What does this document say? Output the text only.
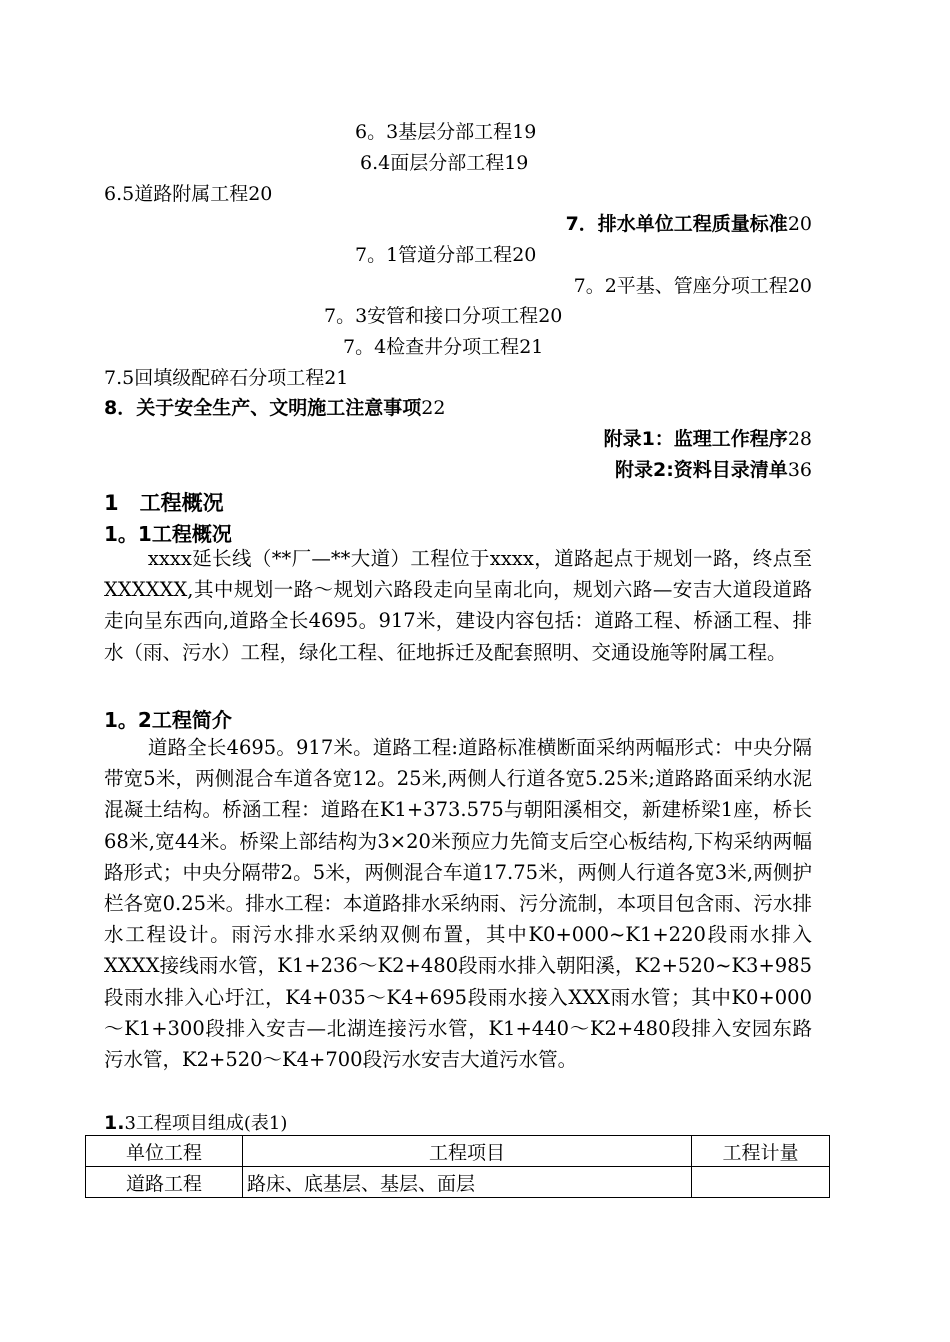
6。3基层分部工程19
6.4面层分部工程19
6.5道路附属工程20
7．排水单位工程质量标准20
7。1管道分部工程20
7。2平基、管座分项工程20
7。3安管和接口分项工程20
7。4检查井分项工程21
7.5回填级配碎石分项工程21
8．关于安全生产、文明施工注意事项22
附录1：监理工作程序28
附录2:资料目录清单36
1　工程概况
1。1工程概况
xxxx延长线（**厂—**大道）工程位于xxxx，道路起点于规划一路，终点至XXXXXX,其中规划一路～规划六路段走向呈南北向，规划六路—安吉大道段道路走向呈东西向,道路全长4695。917米，建设内容包括：道路工程、桥涵工程、排水（雨、污水）工程，绿化工程、征地拆迁及配套照明、交通设施等附属工程。
1。2工程简介
道路全长4695。917米。道路工程:道路标准横断面采纳两幅形式：中央分隔带宽5米，两侧混合车道各宽12。25米,两侧人行道各宽5.25米;道路路面采纳水泥混凝土结构。桥涵工程：道路在K1+373.575与朝阳溪相交，新建桥梁1座，桥长68米,宽44米。桥梁上部结构为3×20米预应力先简支后空心板结构,下构采纳两幅路形式；中央分隔带2。5米，两侧混合车道17.75米，两侧人行道各宽3米,两侧护栏各宽0.25米。排水工程：本道路排水采纳雨、污分流制，本项目包含雨、污水排水工程设计。雨污水排水采纳双侧布置，其中K0+000~K1+220段雨水排入XXXX接线雨水管，K1+236～K2+480段雨水排入朝阳溪，K2+520~K3+985段雨水排入心圩江，K4+035～K4+695段雨水接入XXX雨水管；其中K0+000～K1+300段排入安吉—北湖连接污水管，K1+440～K2+480段排入安园东路污水管，K2+520～K4+700段污水安吉大道污水管。
1.3工程项目组成(表1)
单位工程	工程项目	工程计量
道路工程	路床、底基层、基层、面层	
